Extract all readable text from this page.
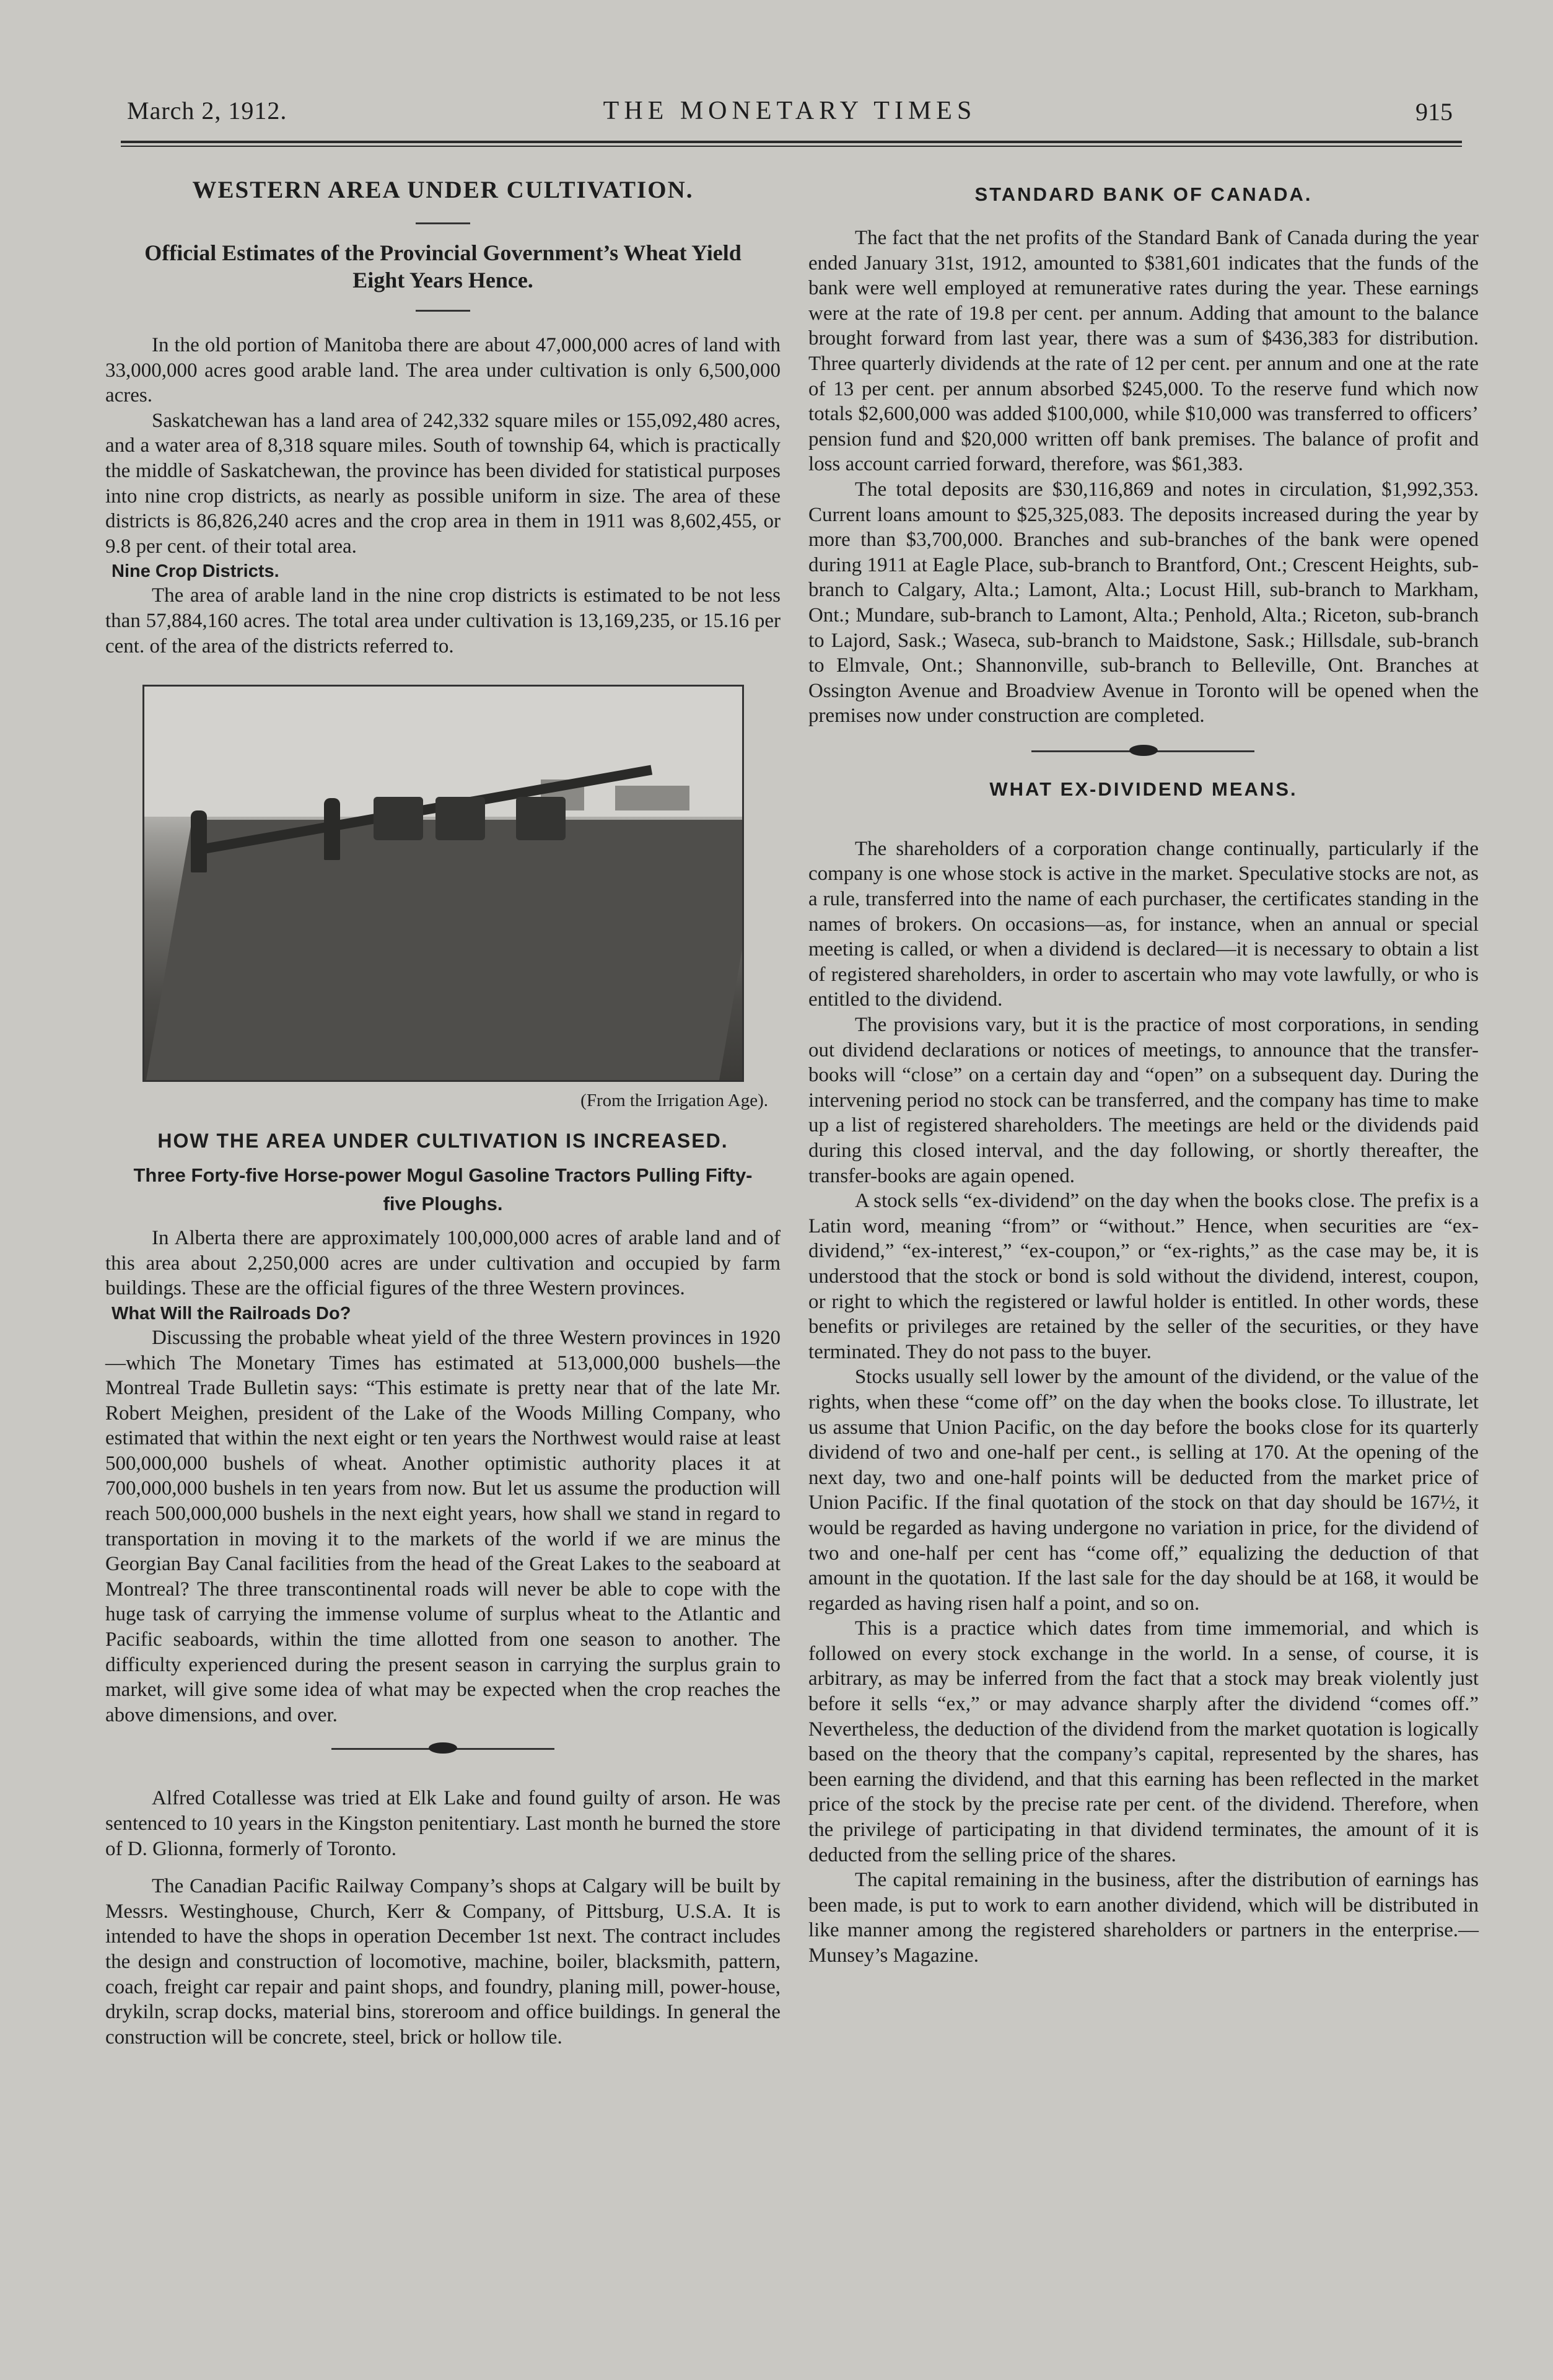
THE MONETARY TIMES
March 2, 1912.	915
WESTERN AREA UNDER CULTIVATION.
Official Estimates of the Provincial Government’s Wheat Yield Eight Years Hence.

In the old portion of Manitoba there are about 47,000,000 acres of land with 33,000,000 acres good arable land. The area under cultivation is only 6,500,000 acres.

Saskatchewan has a land area of 242,332 square miles or 155,092,480 acres, and a water area of 8,318 square miles. South of township 64, which is practically the middle of Saskatchewan, the province has been divided for statistical purposes into nine crop districts, as nearly as possible uniform in size. The area of these districts is 86,826,240 acres and the crop area in them in 1911 was 8,602,455, or 9.8 per cent. of their total area.

Nine Crop Districts.

The area of arable land in the nine crop districts is estimated to be not less than 57,884,160 acres. The total area under cultivation is 13,169,235, or 15.16 per cent. of the area of the districts referred to.

(From the Irrigation Age).
HOW THE AREA UNDER CULTIVATION IS INCREASED.
Three Forty-five Horse-power Mogul Gasoline Tractors Pulling Fifty-five Ploughs.

In Alberta there are approximately 100,000,000 acres of arable land and of this area about 2,250,000 acres are under cultivation and occupied by farm buildings. These are the official figures of the three Western provinces.

What Will the Railroads Do?

Discussing the probable wheat yield of the three Western provinces in 1920—which The Monetary Times has estimated at 513,000,000 bushels—the Montreal Trade Bulletin says: “This estimate is pretty near that of the late Mr. Robert Meighen, president of the Lake of the Woods Milling Company, who estimated that within the next eight or ten years the Northwest would raise at least 500,000,000 bushels of wheat. Another optimistic authority places it at 700,000,000 bushels in ten years from now. But let us assume the production will reach 500,000,000 bushels in the next eight years, how shall we stand in regard to transportation in moving it to the markets of the world if we are minus the Georgian Bay Canal facilities from the head of the Great Lakes to the seaboard at Montreal? The three transcontinental roads will never be able to cope with the huge task of carrying the immense volume of surplus wheat to the Atlantic and Pacific seaboards, within the time allotted from one season to another. The difficulty experienced during the present season in carrying the surplus grain to market, will give some idea of what may be expected when the crop reaches the above dimensions, and over.

Alfred Cotallesse was tried at Elk Lake and found guilty of arson. He was sentenced to 10 years in the Kingston penitentiary. Last month he burned the store of D. Glionna, formerly of Toronto.

The Canadian Pacific Railway Company’s shops at Calgary will be built by Messrs. Westinghouse, Church, Kerr & Company, of Pittsburg, U.S.A. It is intended to have the shops in operation December 1st next. The contract includes the design and construction of locomotive, machine, boiler, blacksmith, pattern, coach, freight car repair and paint shops, and foundry, planing mill, power-house, drykiln, scrap docks, material bins, storeroom and office buildings. In general the construction will be concrete, steel, brick or hollow tile.

STANDARD BANK OF CANADA.

The fact that the net profits of the Standard Bank of Canada during the year ended January 31st, 1912, amounted to $381,601 indicates that the funds of the bank were well employed at remunerative rates during the year. These earnings were at the rate of 19.8 per cent. per annum. Adding that amount to the balance brought forward from last year, there was a sum of $436,383 for distribution. Three quarterly dividends at the rate of 12 per cent. per annum and one at the rate of 13 per cent. per annum absorbed $245,000. To the reserve fund which now totals $2,600,000 was added $100,000, while $10,000 was transferred to officers’ pension fund and $20,000 written off bank premises. The balance of profit and loss account carried forward, therefore, was $61,383.

The total deposits are $30,116,869 and notes in circulation, $1,992,353. Current loans amount to $25,325,083. The deposits increased during the year by more than $3,700,000. Branches and sub-branches of the bank were opened during 1911 at Eagle Place, sub-branch to Brantford, Ont.; Crescent Heights, sub-branch to Calgary, Alta.; Lamont, Alta.; Locust Hill, sub-branch to Markham, Ont.; Mundare, sub-branch to Lamont, Alta.; Penhold, Alta.; Riceton, sub-branch to Lajord, Sask.; Waseca, sub-branch to Maidstone, Sask.; Hillsdale, sub-branch to Elmvale, Ont.; Shannonville, sub-branch to Belleville, Ont. Branches at Ossington Avenue and Broadview Avenue in Toronto will be opened when the premises now under construction are completed.

WHAT EX-DIVIDEND MEANS.

The shareholders of a corporation change continually, particularly if the company is one whose stock is active in the market. Speculative stocks are not, as a rule, transferred into the name of each purchaser, the certificates standing in the names of brokers. On occasions—as, for instance, when an annual or special meeting is called, or when a dividend is declared—it is necessary to obtain a list of registered shareholders, in order to ascertain who may vote lawfully, or who is entitled to the dividend.

The provisions vary, but it is the practice of most corporations, in sending out dividend declarations or notices of meetings, to announce that the transfer-books will “close” on a certain day and “open” on a subsequent day. During the intervening period no stock can be transferred, and the company has time to make up a list of registered shareholders. The meetings are held or the dividends paid during this closed interval, and the day following, or shortly thereafter, the transfer-books are again opened.

A stock sells “ex-dividend” on the day when the books close. The prefix is a Latin word, meaning “from” or “without.” Hence, when securities are “ex-dividend,” “ex-interest,” “ex-coupon,” or “ex-rights,” as the case may be, it is understood that the stock or bond is sold without the dividend, interest, coupon, or right to which the registered or lawful holder is entitled. In other words, these benefits or privileges are retained by the seller of the securities, or they have terminated. They do not pass to the buyer.

Stocks usually sell lower by the amount of the dividend, or the value of the rights, when these “come off” on the day when the books close. To illustrate, let us assume that Union Pacific, on the day before the books close for its quarterly dividend of two and one-half per cent., is selling at 170. At the opening of the next day, two and one-half points will be deducted from the market price of Union Pacific. If the final quotation of the stock on that day should be 167½, it would be regarded as having undergone no variation in price, for the dividend of two and one-half per cent has “come off,” equalizing the deduction of that amount in the quotation. If the last sale for the day should be at 168, it would be regarded as having risen half a point, and so on.

This is a practice which dates from time immemorial, and which is followed on every stock exchange in the world. In a sense, of course, it is arbitrary, as may be inferred from the fact that a stock may break violently just before it sells “ex,” or may advance sharply after the dividend “comes off.” Nevertheless, the deduction of the dividend from the market quotation is logically based on the theory that the company’s capital, represented by the shares, has been earning the dividend, and that this earning has been reflected in the market price of the stock by the precise rate per cent. of the dividend. Therefore, when the privilege of participating in that dividend terminates, the amount of it is deducted from the selling price of the shares.

The capital remaining in the business, after the distribution of earnings has been made, is put to work to earn another dividend, which will be distributed in like manner among the registered shareholders or partners in the enterprise.—Munsey’s Magazine.
